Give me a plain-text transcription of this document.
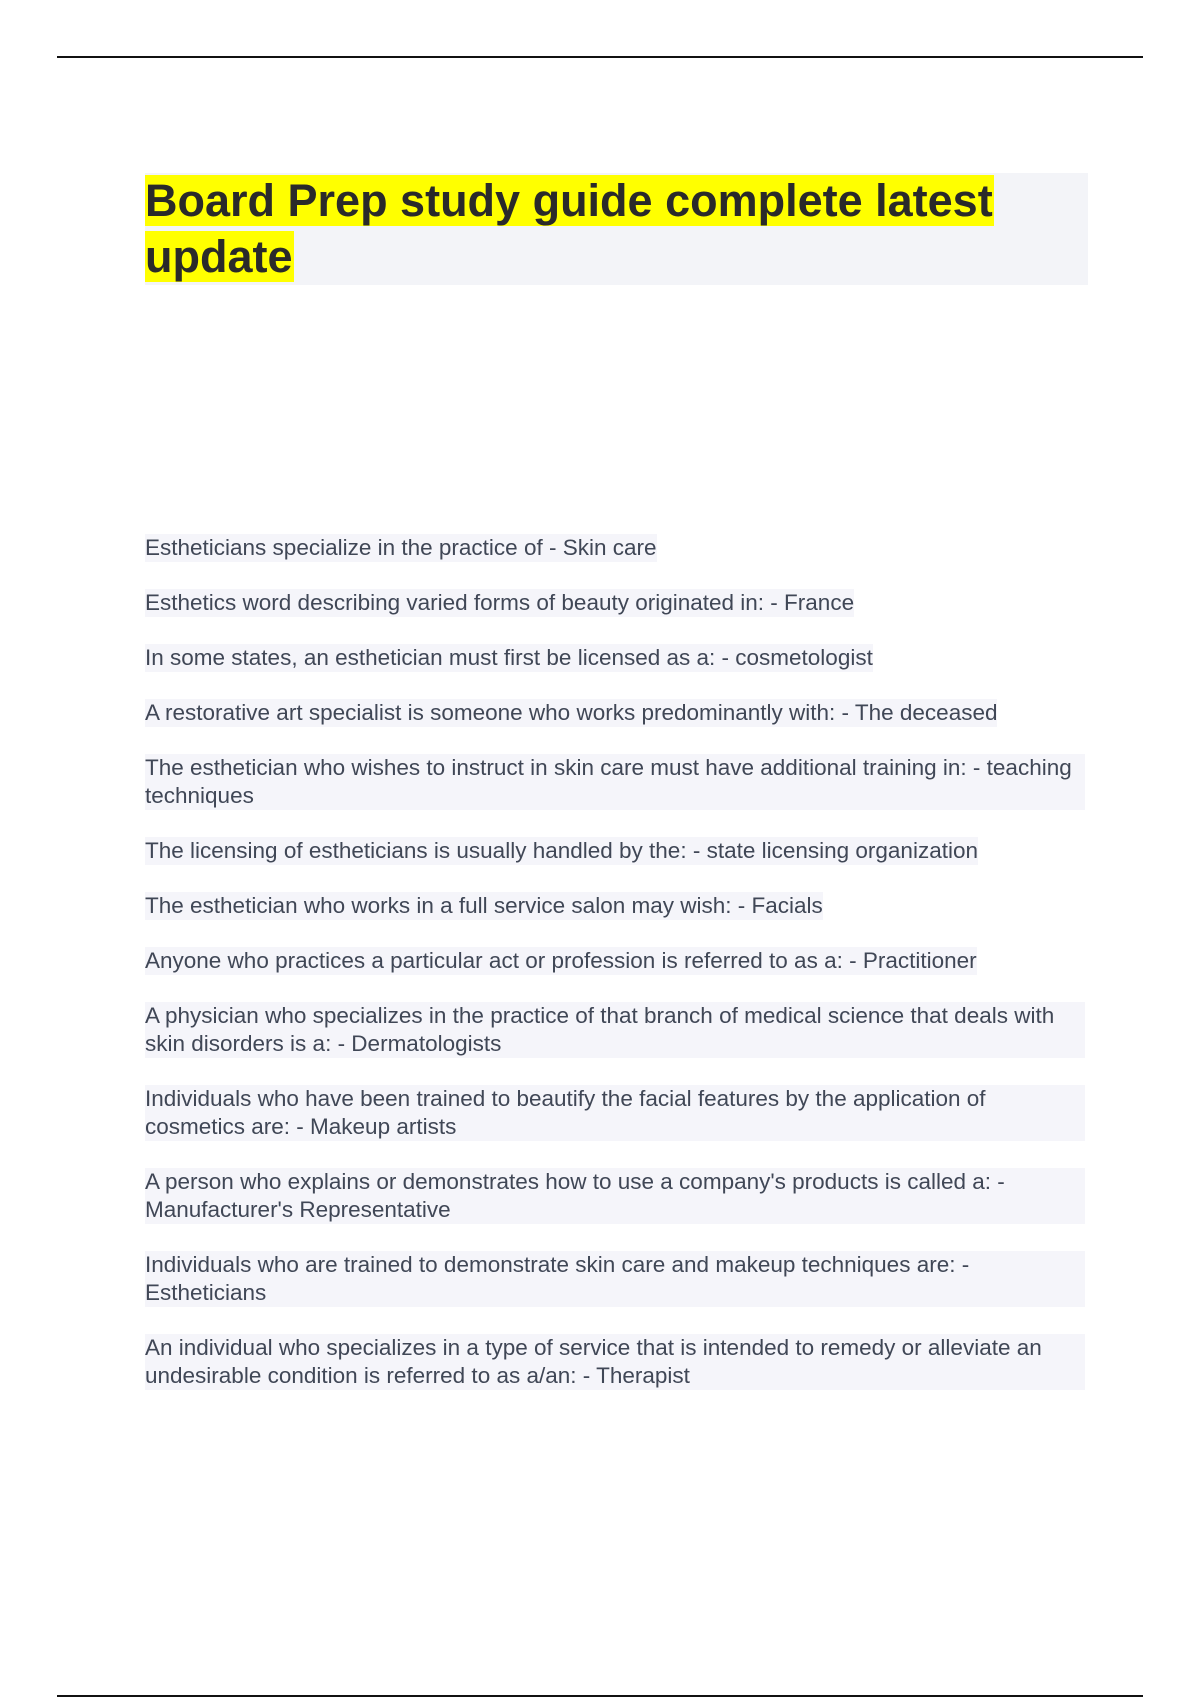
Board Prep study guide complete latest update
Estheticians specialize in the practice of - Skin care
Esthetics word describing varied forms of beauty originated in: - France
In some states, an esthetician must first be licensed as a: - cosmetologist
A restorative art specialist is someone who works predominantly with: - The deceased
The esthetician who wishes to instruct in skin care must have additional training in: - teaching techniques
The licensing of estheticians is usually handled by the: - state licensing organization
The esthetician who works in a full service salon may wish: - Facials
Anyone who practices a particular act or profession is referred to as a: - Practitioner
A physician who specializes in the practice of that branch of medical science that deals with skin disorders is a: - Dermatologists
Individuals who have been trained to beautify the facial features by the application of cosmetics are: - Makeup artists
A person who explains or demonstrates how to use a company's products is called a: - Manufacturer's Representative
Individuals who are trained to demonstrate skin care and makeup techniques are: - Estheticians
An individual who specializes in a type of service that is intended to remedy or alleviate an undesirable condition is referred to as a/an: - Therapist
